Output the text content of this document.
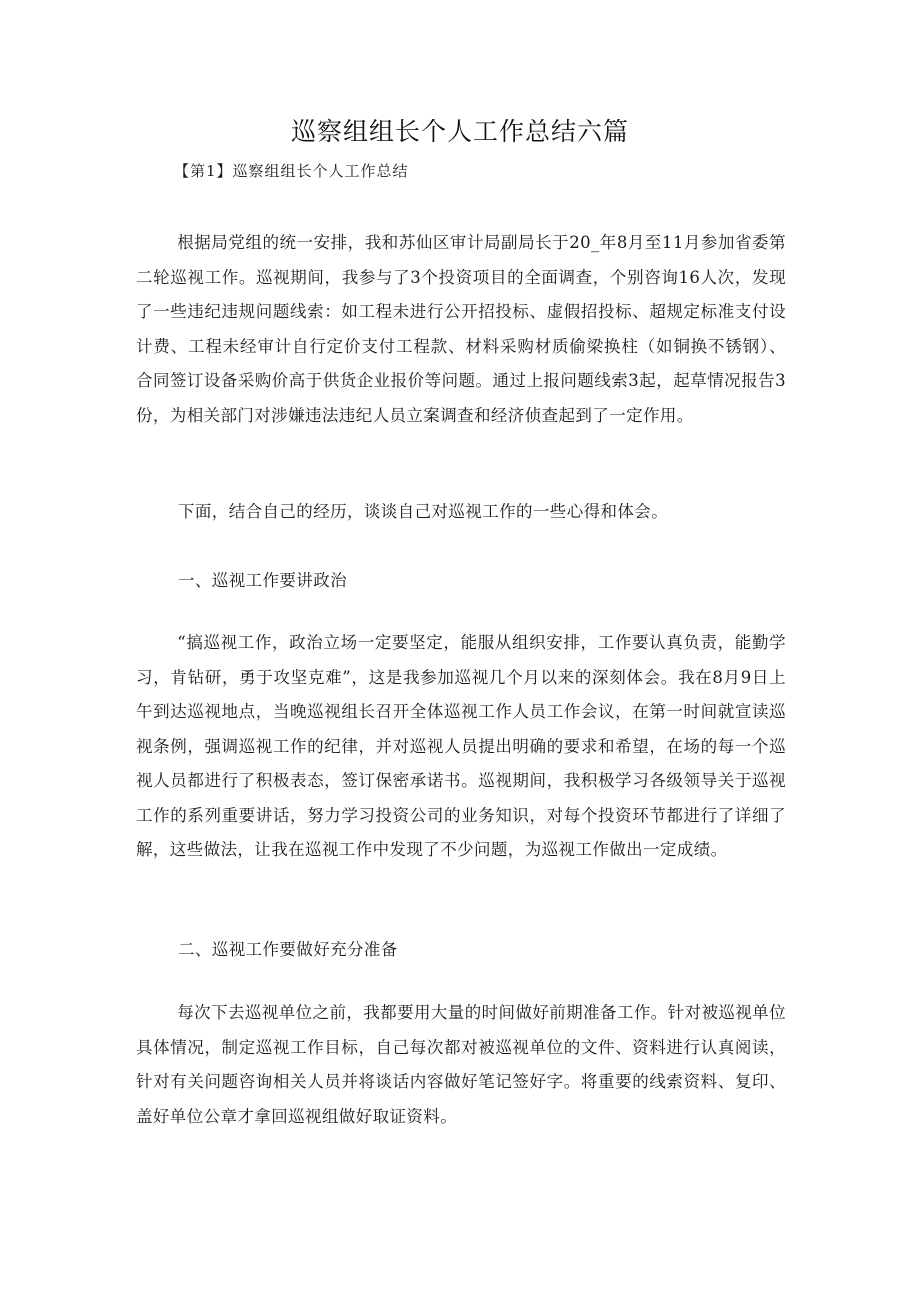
巡察组组长个人工作总结六篇

【第1】巡察组组长个人工作总结

根据局党组的统一安排，我和苏仙区审计局副局长于20_年8月至11月参加省委第二轮巡视工作。巡视期间，我参与了3个投资项目的全面调查，个别咨询16人次，发现了一些违纪违规问题线索：如工程未进行公开招投标、虚假招投标、超规定标准支付设计费、工程未经审计自行定价支付工程款、材料采购材质偷梁换柱（如铜换不锈钢）、合同签订设备采购价高于供货企业报价等问题。通过上报问题线索3起，起草情况报告3份，为相关部门对涉嫌违法违纪人员立案调查和经济侦查起到了一定作用。

下面，结合自己的经历，谈谈自己对巡视工作的一些心得和体会。

一、巡视工作要讲政治

“搞巡视工作，政治立场一定要坚定，能服从组织安排，工作要认真负责，能勤学习，肯钻研，勇于攻坚克难”，这是我参加巡视几个月以来的深刻体会。我在8月9日上午到达巡视地点，当晚巡视组长召开全体巡视工作人员工作会议，在第一时间就宣读巡视条例，强调巡视工作的纪律，并对巡视人员提出明确的要求和希望，在场的每一个巡视人员都进行了积极表态，签订保密承诺书。巡视期间，我积极学习各级领导关于巡视工作的系列重要讲话，努力学习投资公司的业务知识，对每个投资环节都进行了详细了解，这些做法，让我在巡视工作中发现了不少问题，为巡视工作做出一定成绩。

二、巡视工作要做好充分准备

每次下去巡视单位之前，我都要用大量的时间做好前期准备工作。针对被巡视单位具体情况，制定巡视工作目标，自己每次都对被巡视单位的文件、资料进行认真阅读，针对有关问题咨询相关人员并将谈话内容做好笔记签好字。将重要的线索资料、复印、盖好单位公章才拿回巡视组做好取证资料。
